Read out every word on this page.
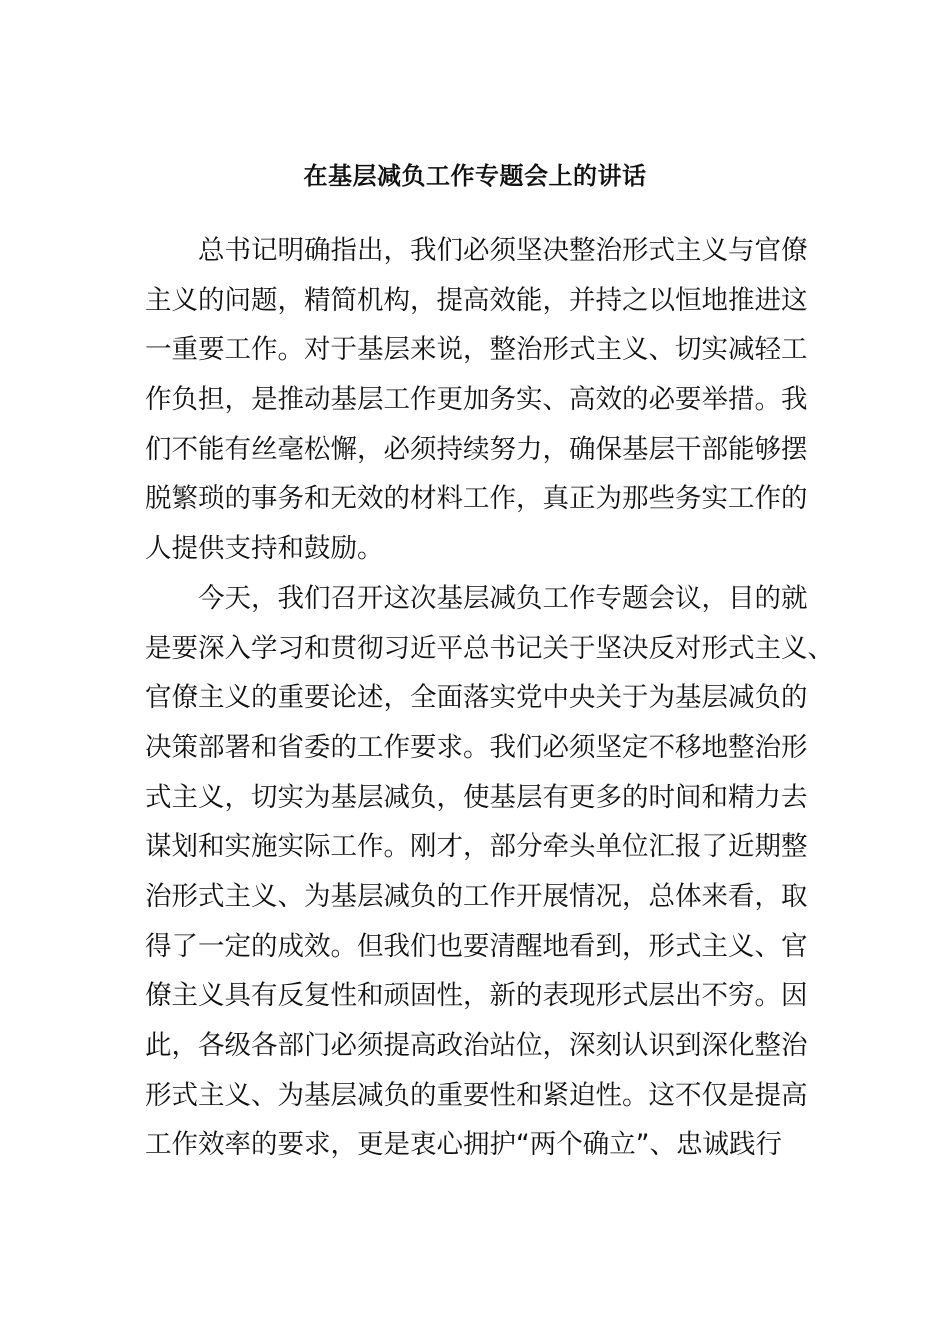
在基层减负工作专题会上的讲话
总书记明确指出，我们必须坚决整治形式主义与官僚
主义的问题，精简机构，提高效能，并持之以恒地推进这
一重要工作。对于基层来说，整治形式主义、切实减轻工
作负担，是推动基层工作更加务实、高效的必要举措。我
们不能有丝毫松懈，必须持续努力，确保基层干部能够摆
脱繁琐的事务和无效的材料工作，真正为那些务实工作的
人提供支持和鼓励。
今天，我们召开这次基层减负工作专题会议，目的就
是要深入学习和贯彻习近平总书记关于坚决反对形式主义、
官僚主义的重要论述，全面落实党中央关于为基层减负的
决策部署和省委的工作要求。我们必须坚定不移地整治形
式主义，切实为基层减负，使基层有更多的时间和精力去
谋划和实施实际工作。刚才，部分牵头单位汇报了近期整
治形式主义、为基层减负的工作开展情况，总体来看，取
得了一定的成效。但我们也要清醒地看到，形式主义、官
僚主义具有反复性和顽固性，新的表现形式层出不穷。因
此，各级各部门必须提高政治站位，深刻认识到深化整治
形式主义、为基层减负的重要性和紧迫性。这不仅是提高
工作效率的要求，更是衷心拥护“两个确立”、忠诚践行
